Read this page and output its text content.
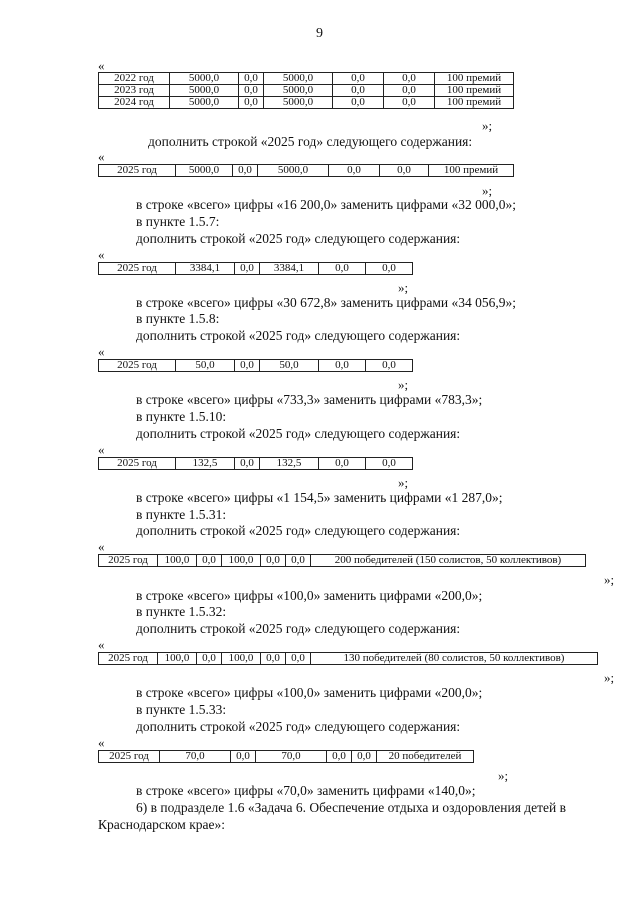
9
«
2022 год	5000,0	0,0	5000,0	0,0	0,0	100 премий
2023 год	5000,0	0,0	5000,0	0,0	0,0	100 премий
2024 год	5000,0	0,0	5000,0	0,0	0,0	100 премий
»;
дополнить строкой «2025 год» следующего содержания:
«
2025 год	5000,0	0,0	5000,0	0,0	0,0	100 премий
»;
в строке «всего» цифры «16 200,0» заменить цифрами «32 000,0»;
в пункте 1.5.7:
дополнить строкой «2025 год» следующего содержания:
«
2025 год	3384,1	0,0	3384,1	0,0	0,0
»;
в строке «всего» цифры «30 672,8» заменить цифрами «34 056,9»;
в пункте 1.5.8:
дополнить строкой «2025 год» следующего содержания:
«
2025 год	50,0	0,0	50,0	0,0	0,0
»;
в строке «всего» цифры «733,3» заменить цифрами «783,3»;
в пункте 1.5.10:
дополнить строкой «2025 год» следующего содержания:
«
2025 год	132,5	0,0	132,5	0,0	0,0
»;
в строке «всего» цифры «1 154,5» заменить цифрами «1 287,0»;
в пункте 1.5.31:
дополнить строкой «2025 год» следующего содержания:
«
2025 год	100,0	0,0	100,0	0,0	0,0	200 победителей (150 солистов, 50 коллективов)
»;
в строке «всего» цифры «100,0» заменить цифрами «200,0»;
в пункте 1.5.32:
дополнить строкой «2025 год» следующего содержания:
«
2025 год	100,0	0,0	100,0	0,0	0,0	130 победителей (80 солистов, 50 коллективов)
»;
в строке «всего» цифры «100,0» заменить цифрами «200,0»;
в пункте 1.5.33:
дополнить строкой «2025 год» следующего содержания:
«
2025 год	70,0	0,0	70,0	0,0	0,0	20 победителей
»;
в строке «всего» цифры «70,0» заменить цифрами «140,0»;
6) в подразделе 1.6 «Задача 6. Обеспечение отдыха и оздоровления детей в
Краснодарском крае»:
